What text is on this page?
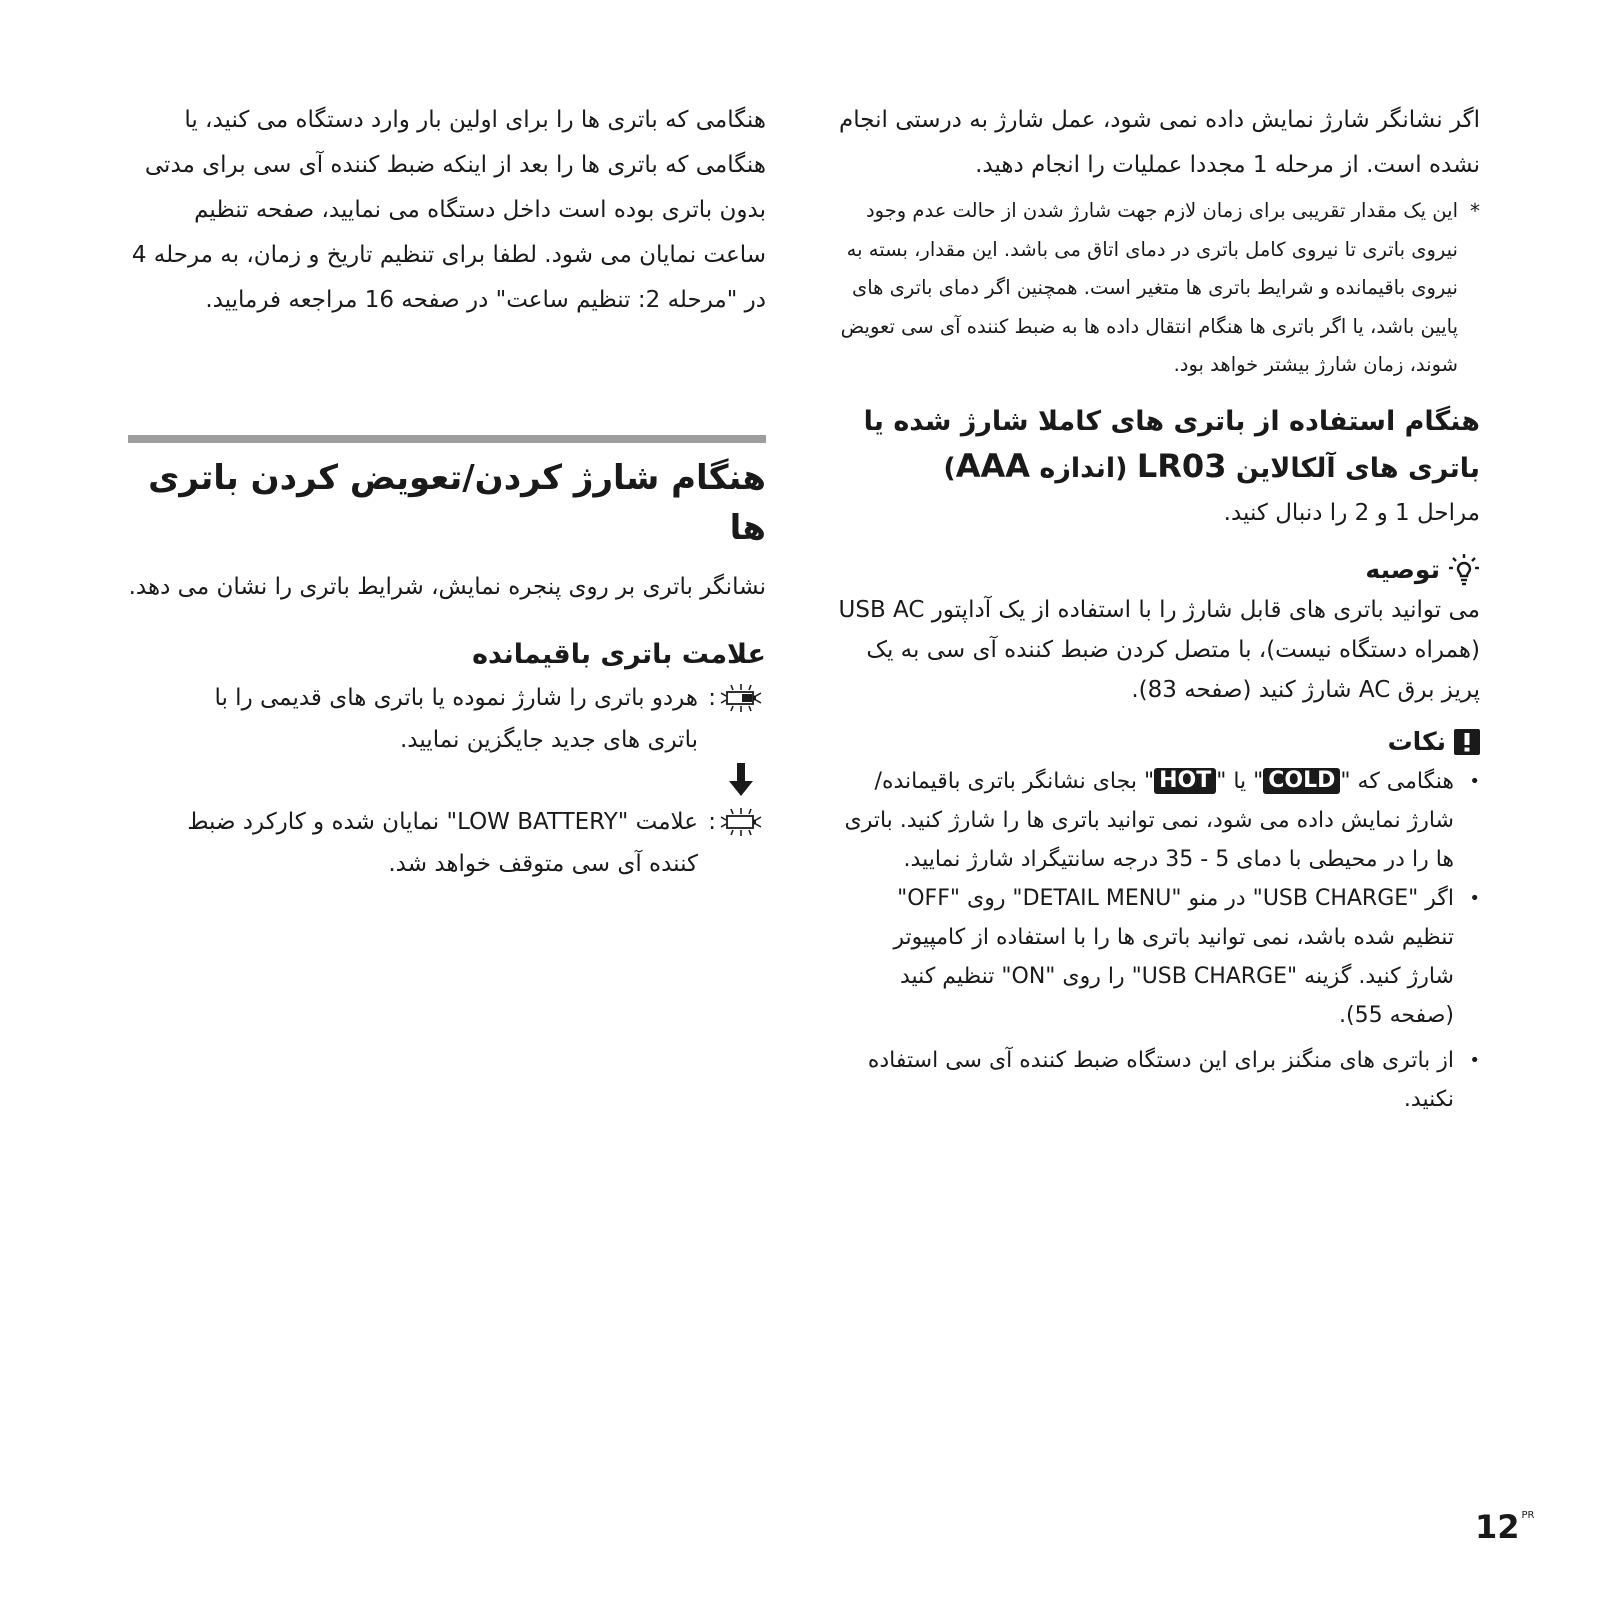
اگر نشانگر شارژ نمایش داده نمی شود، عمل شارژ به درستی انجام نشده است. از مرحله 1 مجددا عملیات را انجام دهید.

*

این یک مقدار تقریبی برای زمان لازم جهت شارژ شدن از حالت عدم وجود نیروی باتری تا نیروی کامل باتری در دمای اتاق می باشد. این مقدار، بسته به نیروی باقیمانده و شرایط باتری ها متغیر است. همچنین اگر دمای باتری های پایین باشد، یا اگر باتری ها هنگام انتقال داده ها به ضبط کننده آی سی تعویض شوند، زمان شارژ بیشتر خواهد بود.

هنگام استفاده از باتری های کاملا شارژ شده یا باتری های آلکالاین LR03 (اندازه AAA)

مراحل 1 و 2 را دنبال کنید.

توصیه

می توانید باتری های قابل شارژ را با استفاده از یک آداپتور USB AC (همراه دستگاه نیست)، با متصل کردن ضبط کننده آی سی به یک پریز برق AC شارژ کنید (صفحه 83).

نکات
•
هنگامی که "COLD" یا "HOT" بجای نشانگر باتری باقیمانده/شارژ نمایش داده می شود، نمی توانید باتری ها را شارژ کنید. باتری ها را در محیطی با دمای 5 - 35 درجه سانتیگراد شارژ نمایید.
•
اگر "USB CHARGE" در منو "DETAIL MENU" روی "OFF" تنظیم شده باشد، نمی توانید باتری ها را با استفاده از کامپیوتر شارژ کنید. گزینه "USB CHARGE" را روی "ON" تنظیم کنید (صفحه 55).
•
از باتری های منگنز برای این دستگاه ضبط کننده آی سی استفاده نکنید.

هنگامی که باتری ها را برای اولین بار وارد دستگاه می کنید، یا هنگامی که باتری ها را بعد از اینکه ضبط کننده آی سی برای مدتی بدون باتری بوده است داخل دستگاه می نمایید، صفحه تنظیم ساعت نمایان می شود. لطفا برای تنظیم تاریخ و زمان، به مرحله 4 در "مرحله 2: تنظیم ساعت" در صفحه 16 مراجعه فرمایید.

هنگام شارژ کردن/تعویض کردن باتری ها

نشانگر باتری بر روی پنجره نمایش، شرایط باتری را نشان می دهد.

علامت باتری باقیمانده

:
هردو باتری را شارژ نموده یا باتری های قدیمی را با باتری های جدید جایگزین نمایید.
:
علامت "LOW BATTERY" نمایان شده و کارکرد ضبط کننده آی سی متوقف خواهد شد.
12 $^{PR}$
